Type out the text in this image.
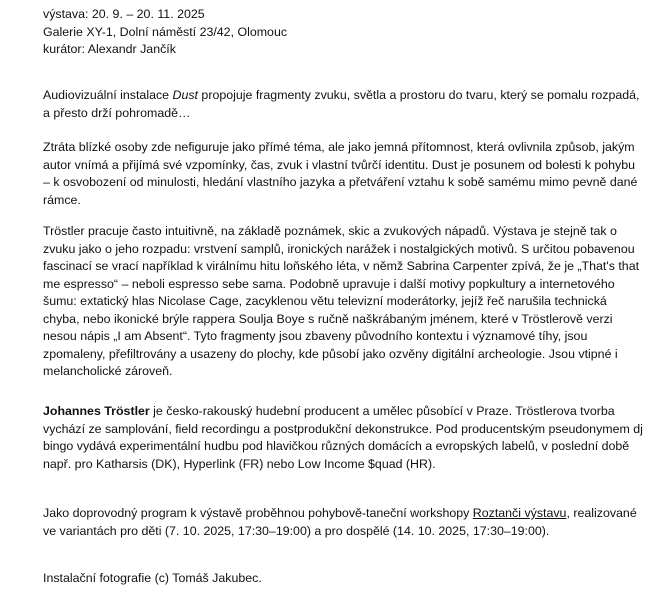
výstava: 20. 9. – 20. 11. 2025

Galerie XY-1, Dolní náměstí 23/42, Olomouc

kurátor: Alexandr Jančík

Audiovizuální instalace Dust propojuje fragmenty zvuku, světla a prostoru do tvaru, který se pomalu rozpadá, a přesto drží pohromadě…

Ztráta blízké osoby zde nefiguruje jako přímé téma, ale jako jemná přítomnost, která ovlivnila způsob, jakým autor vnímá a přijímá své vzpomínky, čas, zvuk i vlastní tvůrčí identitu. Dust je posunem od bolesti k pohybu – k osvobození od minulosti, hledání vlastního jazyka a přetváření vztahu k sobě samému mimo pevně dané rámce.

Tröstler pracuje často intuitivně, na základě poznámek, skic a zvukových nápadů. Výstava je stejně tak o zvuku jako o jeho rozpadu: vrstvení samplů, ironických narážek i nostalgických motivů. S určitou pobavenou fascinací se vrací například k virálnímu hitu loňského léta, v němž Sabrina Carpenter zpívá, že je „That's that me espresso“ – neboli espresso sebe sama. Podobně upravuje i další motivy popkultury a internetového šumu: extatický hlas Nicolase Cage, zacyklenou větu televizní moderátorky, jejíž řeč narušila technická chyba, nebo ikonické brýle rappera Soulja Boye s ručně naškrábaným jménem, které v Tröstlerově verzi nesou nápis „I am Absent“. Tyto fragmenty jsou zbaveny původního kontextu i významové tíhy, jsou zpomaleny, přefiltrovány a usazeny do plochy, kde působí jako ozvěny digitální archeologie. Jsou vtipné i melancholické zároveň.

Johannes Tröstler je česko-rakouský hudební producent a umělec působící v Praze. Tröstlerova tvorba vychází ze samplování, field recordingu a postprodukční dekonstrukce. Pod producentským pseudonymem dj bingo vydává experimentální hudbu pod hlavičkou různých domácích a evropských labelů, v poslední době např. pro Katharsis (DK), Hyperlink (FR) nebo Low Income $quad (HR).

Jako doprovodný program k výstavě proběhnou pohybově-taneční workshopy Roztanči výstavu, realizované ve variantách pro děti (7. 10. 2025, 17:30–19:00) a pro dospělé (14. 10. 2025, 17:30–19:00).

Instalační fotografie (c) Tomáš Jakubec.
